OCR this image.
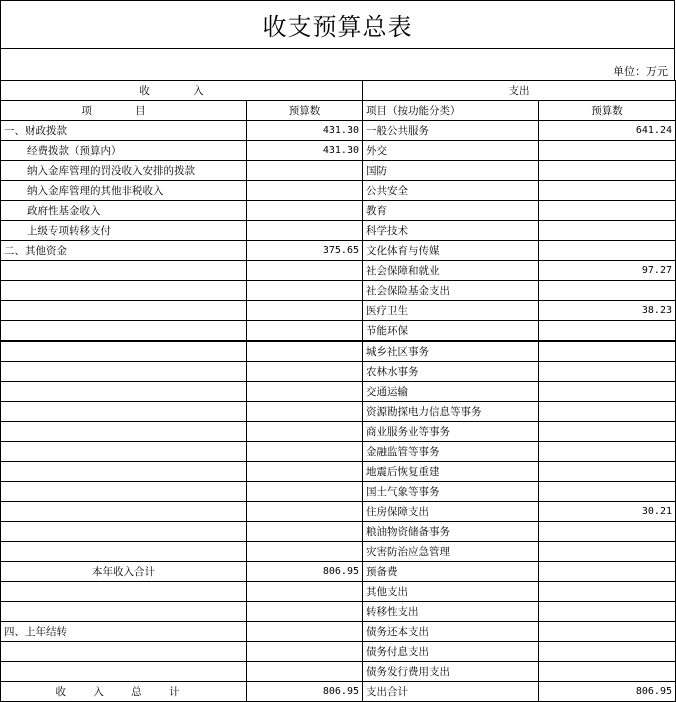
收支预算总表
单位：万元
收 入		支出	
项 目	预算数	项目（按功能分类）	预算数
一、财政拨款	431.30	一般公共服务	641.24
经费拨款（预算内）	431.30	外交	
纳入金库管理的罚没收入安排的拨款		国防	
纳入金库管理的其他非税收入		公共安全	
政府性基金收入		教育	
上级专项转移支付		科学技术	
二、其他资金	375.65	文化体育与传媒	
		社会保障和就业	97.27
		社会保险基金支出	
		医疗卫生	38.23
		节能环保	
		城乡社区事务	
		农林水事务	
		交通运输	
		资源勘探电力信息等事务	
		商业服务业等事务	
		金融监管等事务	
		地震后恢复重建	
		国土气象等事务	
		住房保障支出	30.21
		粮油物资储备事务	
		灾害防治应急管理	
本年收入合计	806.95	预备费	
		其他支出	
		转移性支出	
四、上年结转		债务还本支出	
		债务付息支出	
		债务发行费用支出	
收 入 总 计	806.95	支出合计	806.95
